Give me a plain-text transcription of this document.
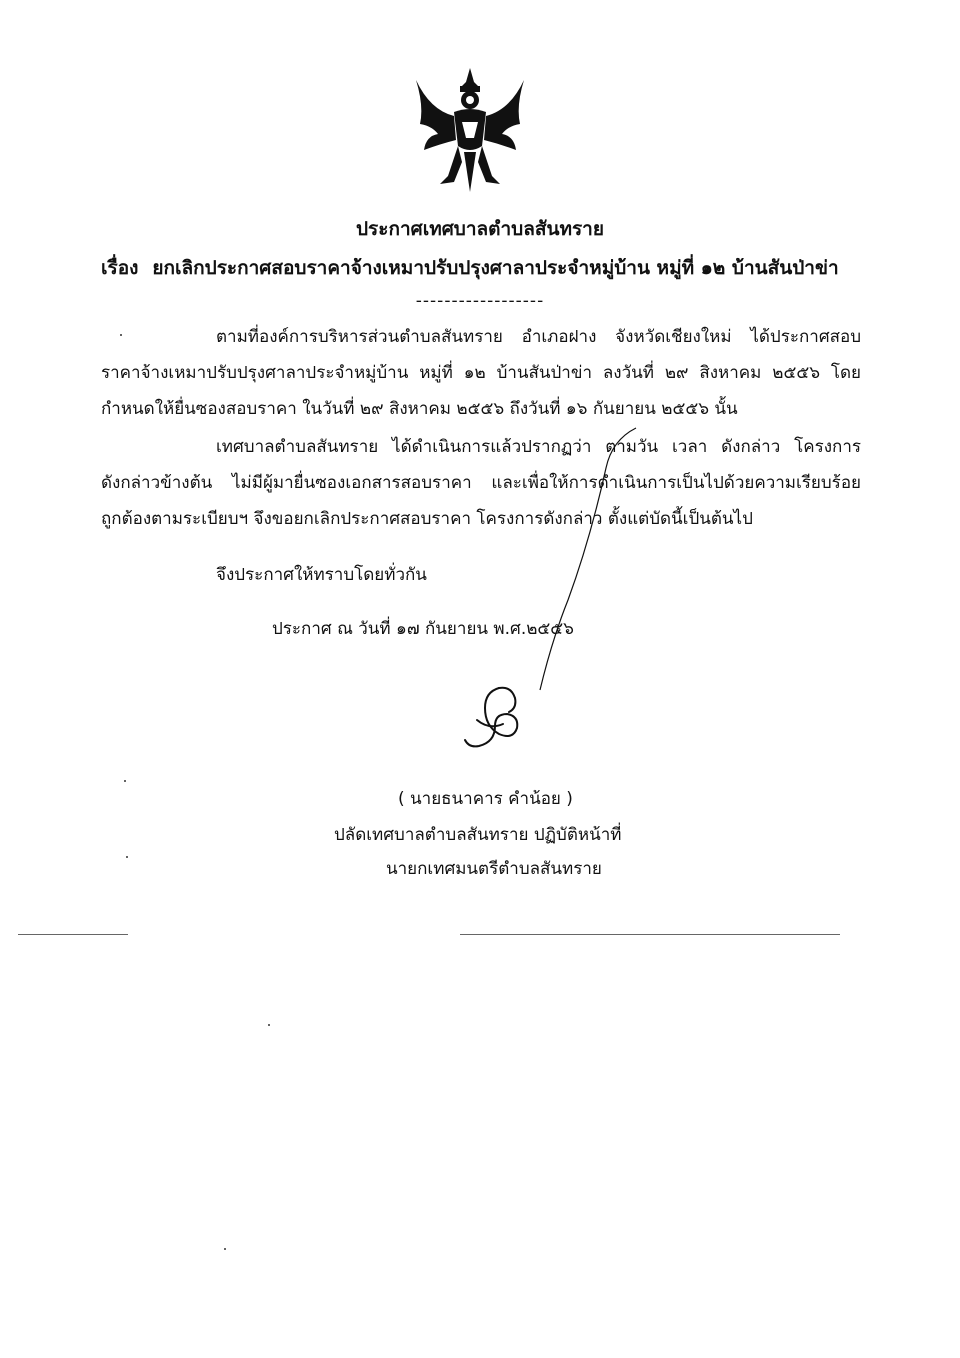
ประกาศเทศบาลตำบลสันทราย
เรื่อง ยกเลิกประกาศสอบราคาจ้างเหมาปรับปรุงศาลาประจำหมู่บ้าน หมู่ที่ ๑๒ บ้านสันป่าข่า
------------------
ตามที่องค์การบริหารส่วนตำบลสันทราย อำเภอฝาง จังหวัดเชียงใหม่ ได้ประกาศสอบ
ราคาจ้างเหมาปรับปรุงศาลาประจำหมู่บ้าน หมู่ที่ ๑๒ บ้านสันป่าข่า ลงวันที่ ๒๙ สิงหาคม ๒๕๕๖ โดย
กำหนดให้ยื่นซองสอบราคา ในวันที่ ๒๙ สิงหาคม ๒๕๕๖ ถึงวันที่ ๑๖ กันยายน ๒๕๕๖ นั้น
เทศบาลตำบลสันทราย ได้ดำเนินการแล้วปรากฏว่า ตามวัน เวลา ดังกล่าว โครงการ
ดังกล่าวข้างต้น ไม่มีผู้มายื่นซองเอกสารสอบราคา และเพื่อให้การดำเนินการเป็นไปด้วยความเรียบร้อย
ถูกต้องตามระเบียบฯ จึงขอยกเลิกประกาศสอบราคา โครงการดังกล่าว ตั้งแต่บัดนี้เป็นต้นไป
จึงประกาศให้ทราบโดยทั่วกัน
ประกาศ ณ วันที่ ๑๗ กันยายน พ.ศ.๒๕๕๖
( นายธนาคาร คำน้อย )
ปลัดเทศบาลตำบลสันทราย ปฏิบัติหน้าที่
นายกเทศมนตรีตำบลสันทราย
